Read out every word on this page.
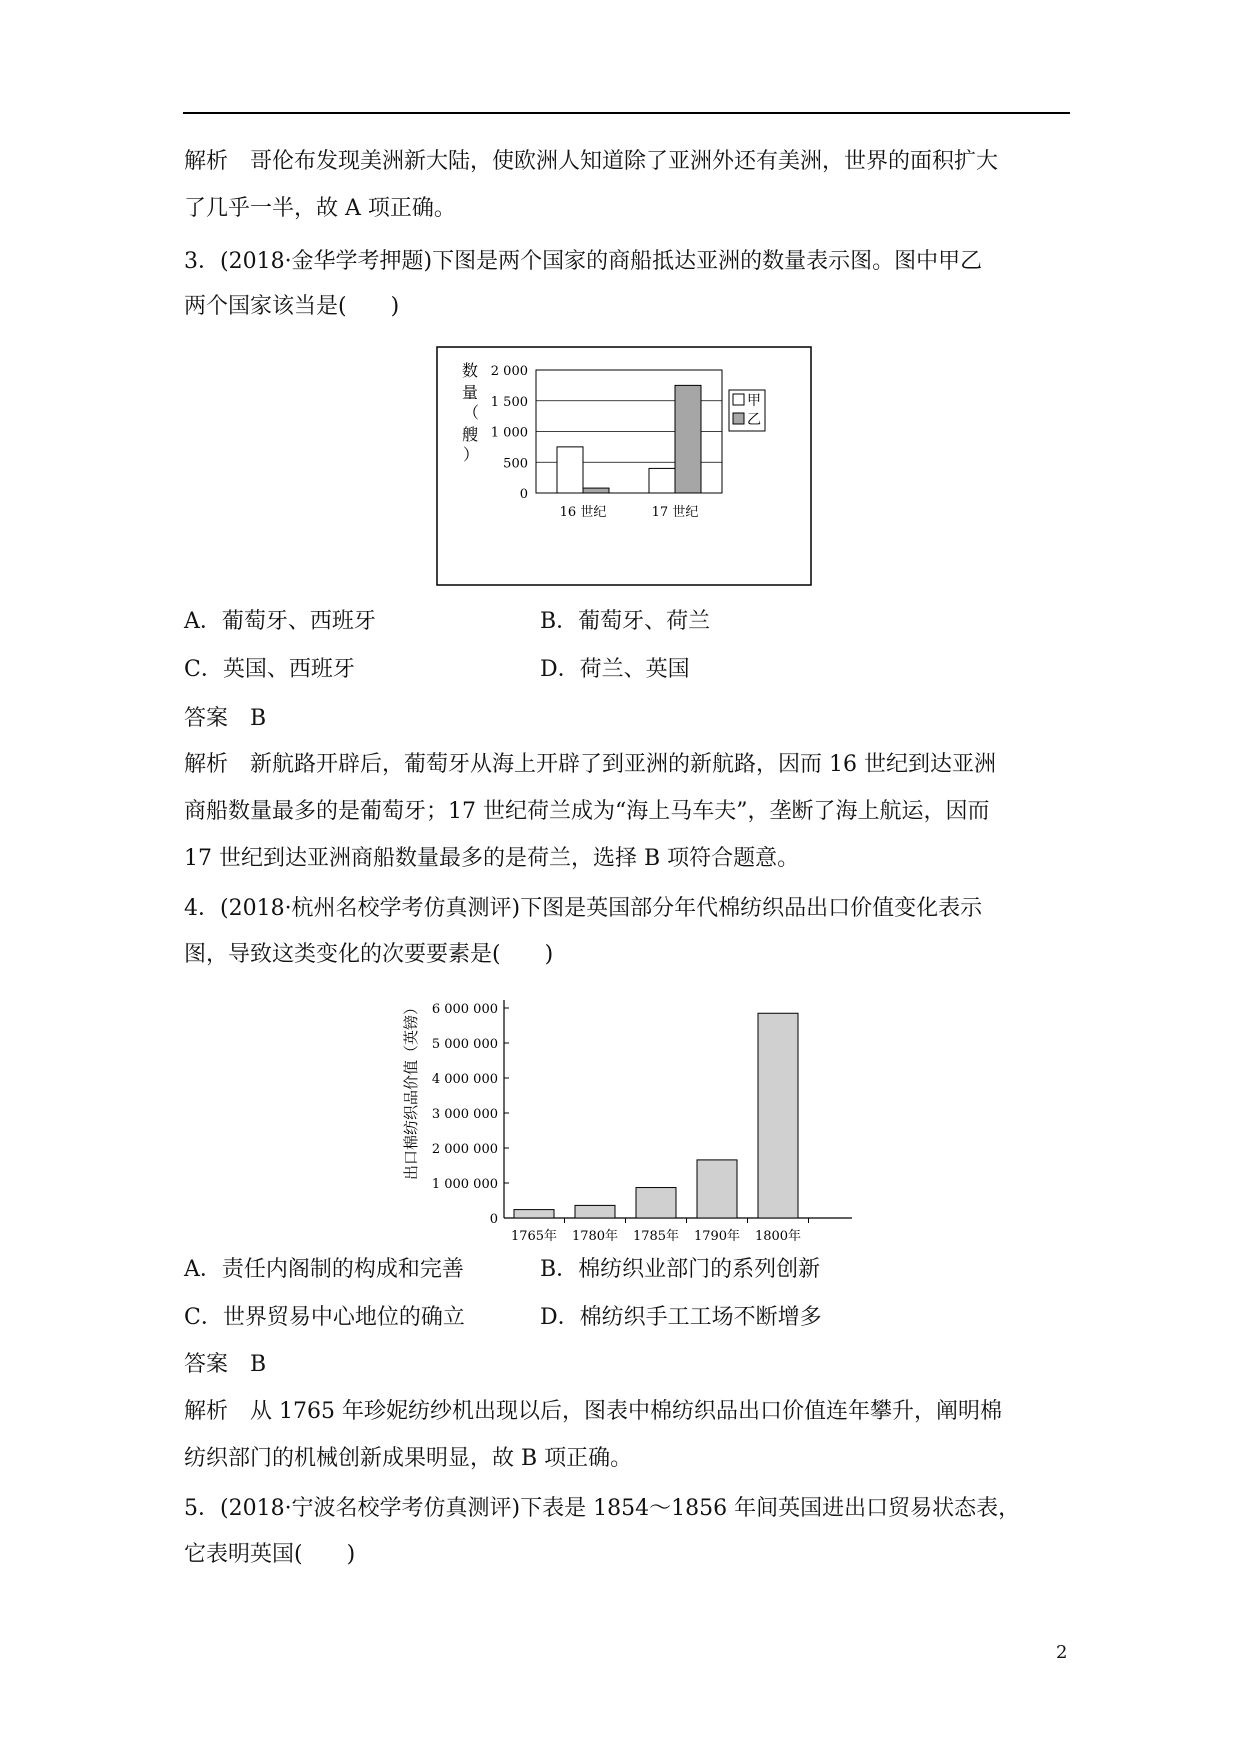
解析　哥伦布发现美洲新大陆，使欧洲人知道除了亚洲外还有美洲，世界的面积扩大
了几乎一半，故 A 项正确。
3．(2018·金华学考押题)下图是两个国家的商船抵达亚洲的数量表示图。图中甲乙
两个国家该当是(　　)
数
量
（
艘
）
0
500
1 000
1 500
2 000
16 世纪	17 世纪
甲
乙
A．葡萄牙、西班牙	B．葡萄牙、荷兰
C．英国、西班牙	D．荷兰、英国
答案　B
解析　新航路开辟后，葡萄牙从海上开辟了到亚洲的新航路，因而 16 世纪到达亚洲
商船数量最多的是葡萄牙；17 世纪荷兰成为“海上马车夫”，垄断了海上航运，因而
17 世纪到达亚洲商船数量最多的是荷兰，选择 B 项符合题意。
4．(2018·杭州名校学考仿真测评)下图是英国部分年代棉纺织品出口价值变化表示
图，导致这类变化的次要要素是(　　)
出口棉纺织品价值（英镑）
0
1 000 000
2 000 000
3 000 000
4 000 000
5 000 000
6 000 000
1765年 1780年 1785年 1790年 1800年
A．责任内阁制的构成和完善	B．棉纺织业部门的系列创新
C．世界贸易中心地位的确立	D．棉纺织手工工场不断增多
答案　B
解析　从 1765 年珍妮纺纱机出现以后，图表中棉纺织品出口价值连年攀升，阐明棉
纺织部门的机械创新成果明显，故 B 项正确。
5．(2018·宁波名校学考仿真测评)下表是 1854～1856 年间英国进出口贸易状态表，
它表明英国(　　)
2
